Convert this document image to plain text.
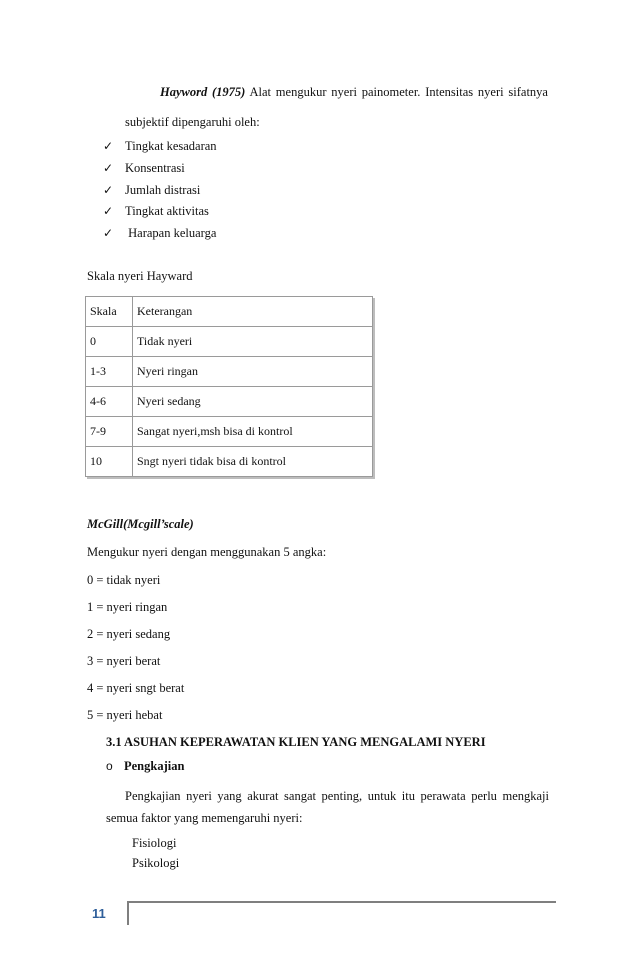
Hayword (1975) Alat mengukur nyeri painometer. Intensitas nyeri sifatnya
subjektif dipengaruhi oleh:
✓ Tingkat kesadaran
✓ Konsentrasi
✓ Jumlah distrasi
✓ Tingkat aktivitas
✓ Harapan keluarga
Skala nyeri Hayward
Skala	Keterangan
0	Tidak nyeri
1-3	Nyeri ringan
4-6	Nyeri sedang
7-9	Sangat nyeri,msh bisa di kontrol
10	Sngt nyeri tidak bisa di kontrol
McGill(Mcgill’scale)
Mengukur nyeri dengan menggunakan 5 angka:
0 = tidak nyeri
1 = nyeri ringan
2 = nyeri sedang
3 = nyeri berat
4 = nyeri sngt berat
5 = nyeri hebat
3.1 ASUHAN KEPERAWATAN KLIEN YANG MENGALAMI NYERI
o Pengkajian
Pengkajian nyeri yang akurat sangat penting, untuk itu perawata perlu mengkaji
semua faktor yang memengaruhi nyeri:
Fisiologi
Psikologi
11
